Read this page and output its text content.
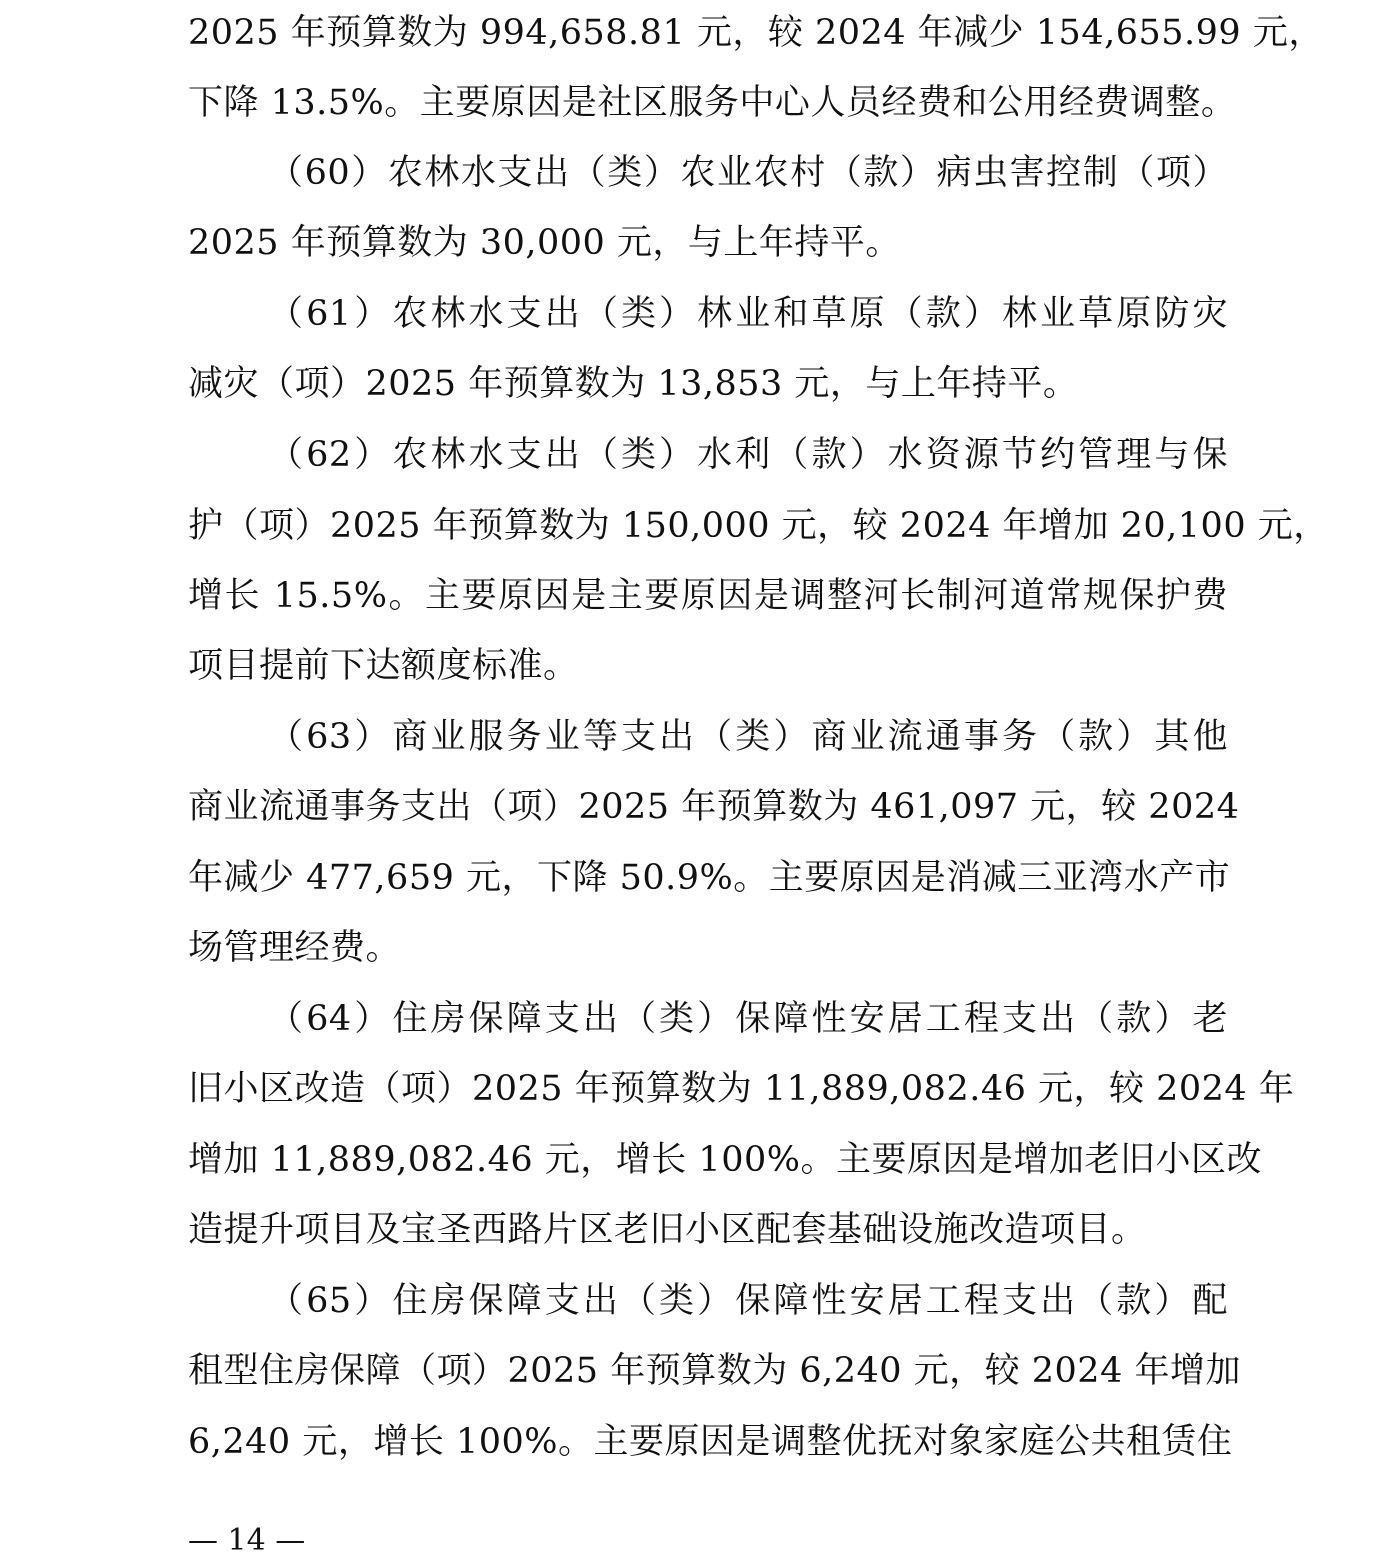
2025 年预算数为 994,658.81 元，较 2024 年减少 154,655.99 元，
下降 13.5%。主要原因是社区服务中心人员经费和公用经费调整。
（60）农林水支出（类）农业农村（款）病虫害控制（项）
2025 年预算数为 30,000 元，与上年持平。
（61）农林水支出（类）林业和草原（款）林业草原防灾
减灾（项）2025 年预算数为 13,853 元，与上年持平。
（62）农林水支出（类）水利（款）水资源节约管理与保
护（项）2025 年预算数为 150,000 元，较 2024 年增加 20,100 元，
增长 15.5%。主要原因是主要原因是调整河长制河道常规保护费
项目提前下达额度标准。
（63）商业服务业等支出（类）商业流通事务（款）其他
商业流通事务支出（项）2025 年预算数为 461,097 元，较 2024
年减少 477,659 元，下降 50.9%。主要原因是消减三亚湾水产市
场管理经费。
（64）住房保障支出（类）保障性安居工程支出（款）老
旧小区改造（项）2025 年预算数为 11,889,082.46 元，较 2024 年
增加 11,889,082.46 元，增长 100%。主要原因是增加老旧小区改
造提升项目及宝圣西路片区老旧小区配套基础设施改造项目。
（65）住房保障支出（类）保障性安居工程支出（款）配
租型住房保障（项）2025 年预算数为 6,240 元，较 2024 年增加
6,240 元，增长 100%。主要原因是调整优抚对象家庭公共租赁住
— 14 —
